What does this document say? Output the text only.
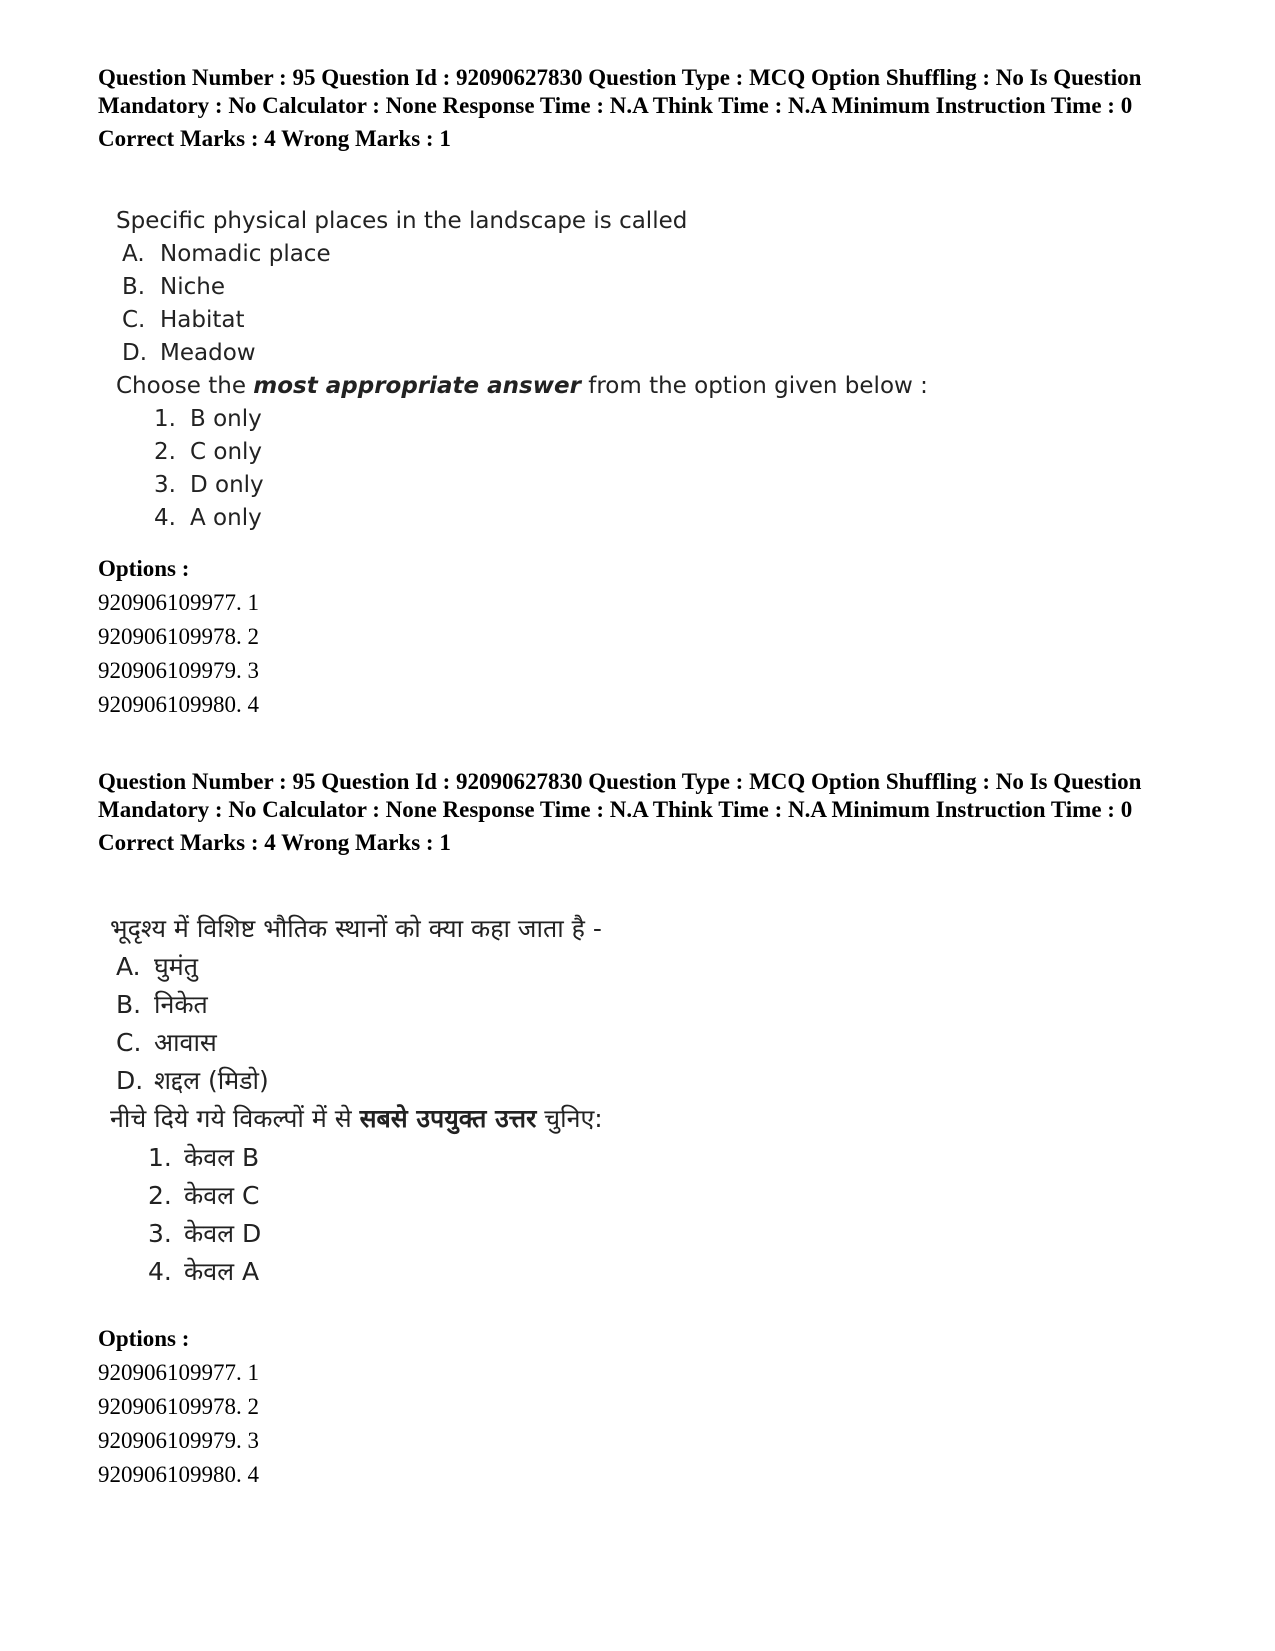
Question Number : 95 Question Id : 92090627830 Question Type : MCQ Option Shuffling : No Is Question Mandatory : No Calculator : None Response Time : N.A Think Time : N.A Minimum Instruction Time : 0

Correct Marks : 4 Wrong Marks : 1

Specific physical places in the landscape is called
A. Nomadic place
B. Niche
C. Habitat
D. Meadow
Choose the most appropriate answer from the option given below :
1. B only
2. C only
3. D only
4. A only
Options :
920906109977. 1
920906109978. 2
920906109979. 3
920906109980. 4

Question Number : 95 Question Id : 92090627830 Question Type : MCQ Option Shuffling : No Is Question Mandatory : No Calculator : None Response Time : N.A Think Time : N.A Minimum Instruction Time : 0

Correct Marks : 4 Wrong Marks : 1

भूदृश्य में विशिष्ट भौतिक स्थानों को क्या कहा जाता है -
A. घुमंतु
B. निकेत
C. आवास
D. शद्दल (मिडो)
नीचे दिये गये विकल्पों में से सबसे उपयुक्त उत्तर चुनिए:
1. केवल B
2. केवल C
3. केवल D
4. केवल A
Options :
920906109977. 1
920906109978. 2
920906109979. 3
920906109980. 4
